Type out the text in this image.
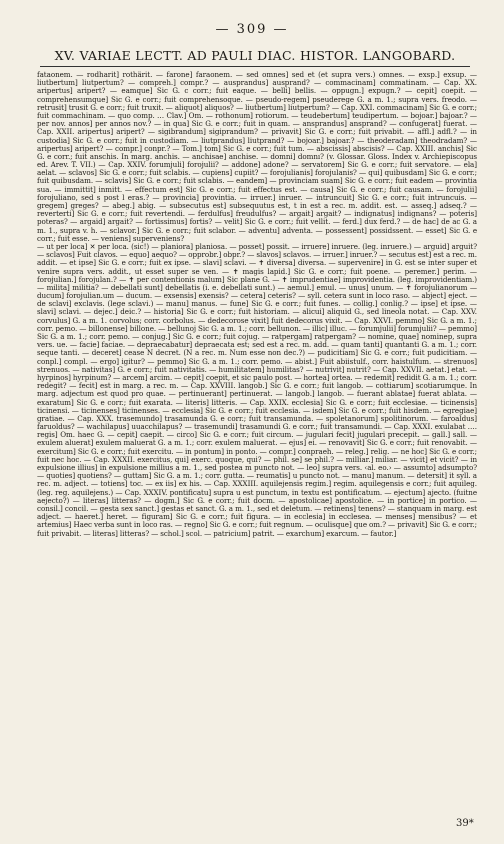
— 309 —
XV. VARIAE LECTT. AD PAULI DIAC. HISTOR. LANGOBARD.

fataonem. — rodharit] rothärit. — farone] faraonem. — sed omnes] sed et (et supra vers.) omnes. — exsp.] exsup. — liutbertum] liutpertum? — compreh.] compr.? — ausprandus] ausprand? — commacinam] commatinam. — Cap. XX. aripertus] aripert? — eamque] Sic G. c corr.; fuit eaque. — belli] bellis. — oppugn.] expugn.? — cepit] coepit. — comprehensumque] Sic G. e corr.; fuit comprehensoque. — pseudo-regem] pseuderege G. a m. 1.; supra vers. freodo. — retrusit] trusit G. e corr.; fuit truxit. — aliquot] aliquos? — liutbertum] liutpertum? — Cap. XXI. commacinam] Sic G. e corr.; fuit commachinam. — quo comp. … Clav.] Om. — rothonum] rotiorum. — teudebertum] teudipertum. — bojoar.] bajoar.? — per nov. annos] per annos nov.? — in qua] Sic G. e corr.; fuit in quam. — ansprandus] ansprand? — confugerat] fuerat. — Cap. XXII. aripertus] aripert? — sigibrandum] sigiprandum? — privavit] Sic G. e corr.; fuit privabit. — affl.] adfl.? — in custodia] Sic G. e corr.; fuit in custodiam. — liutprandus] liutprand? — bojoar.] bajoar.? — theoderadam] theodradam? — aripertus] aripert? — compr.] conpr.? — Tom.] tom] Sic G. e corr.; fuit tum. — abscissis] abscisis? — Cap. XXIII. anchis] Sic G. e corr.; fuit anschis. In marg. anchis. — anchisae] anchise. — domni] domnı? (v. Glossar. Gloss. Index v. Archiepiscopus ed. Arev. T. VII.) — Cap. XXIV. forumjuli] forojulii? — addone] adone? — servatorem] Sic G. e corr.; fuit servatore. — ela] aelat. — sclavos] Sic G. e corr.; fuit sclabis. — cupiens] cupiit? — forojulianis] forojulanis? — qui] quibusdam] Sic G. e corr.; fuit quibusdam. — sclavis] Sic G. e corr.; fuit sclabis. — eandem] — provinciam suam] Sic G. e corr.; fuit eadem — provintia sua. — immittit] inmitt. — effectum est] Sic G. e corr.; fuit effectus est. — causa] Sic G. e corr.; fuit causam. — forojulii] forojuliano, sed s post l eras.? — provincia] provintia. — irruer.] inruer. — intruncuit] Sic G. e corr.; fuit intruncuis. — gregem] greges? — abeg.] abig. — subsecutus est] subsequutus est, t in est a rec. m. addit. est. — asseq.] adseq.? — reverterti] Sic G. e corr.; fuit revertendi. — ferdulfus] freudulfus? — argait] argait? — indignatus] indignans? — poteris] poteras? — argaid] argait? — fortissimus] fortis? — velit] Sic G. e corr.; fuit vellit. — ferd.] dux ferd.? — de hac] de ac G. a m. 1., supra v. h. — sclavor.] Sic G. e corr.; fuit sclabor. — adventu] adventa. — possessent] possidssent. — esset] Sic G. e corr.; fuit esse. — veniens] superveniens?

— ut per loca] ✕ per loca. (sic!) — planiora] planiosa. — posset] possit. — irruere] inruere. (leg. inruere.) — arguid] arguit? — sclavos] Fuit clavos. — equo] aequo? — opprobr.] obpr.? — slavos] sclavos. — irruer.] inruer.? — secutus est] est a rec. m. addit. — et ipse] Sic G. e corr.; fuit ex ipse. — slavi] sclavi. — ✝ diversa] diversa. — supervenire] in G. est se inter super et venire supra vers. addit., ut esset super se ven. — ✝ magis lapid.] Sic G. e corr.; fuit poene. — peremer.] perim. — forojulian.] forojulan.? — ✝ per contentionis malum] Sic plane G. — ✝ imprudentiae] improvidentia. (leg. improvidentiam.) — milita] militia? — debellati sunt] debellatis (i. e. debellati sunt.) — aemul.] emul. — unus] unum. — ✝ forojulianorum — ducum] forojulian.um — ducum. — exsensis] exensis? — cetera] ceteris? — syll. cetera sunt in loco raso. — abject] eject. — de sclavi] exclavis. (lege sclavi.) — manu] manus. — fune] Sic G. e corr.; fuit funes. — collig.] conlig.? — ipse] et ipse. — slavi] sclavi. — dejec.] deic.? — historia] Sic G. e corr.; fuit historiam. — alicui] aliquid G., sed lineola notat. — Cap. XXV. corvulus] G. a m. 1. corvolus; corr. corbolus. — dedecorose vixit] fuit dedecorus vixit. — Cap. XXVI. pemmo] Sic G. a m. 1.; corr. pemo. — billonense] billone. — bellunoj Sic G. a m. 1.; corr. bellunon. — illic] illuc. — forumjulii] forumjulii? — pemmo] Sic G. a m. 1.; corr. pemo. — conjug.] Sic G. e corr.; fuit cojug. — ratpergam] ratpergam? — nomine, quae] nominep, supra vers. ue. — facie] faciae. — depraecabatur] depraecata est; sed est a rec. m. add. — quam tanti] quantanti G. a m. 1.; corr. seque tanti. — deceret] cease N decret. (N a rec. m. Num esse non dec.?) — pudicitiam] Sic G. e corr.; fuit pudicitiam. — conpl.] compl. — ergo] igitur? — pemmo] Sic G. a m. 1.; corr. pemo. — abist.] Fuit abiistulf., corr. haistulfum. — strenuos] strenuos. — nativitas] G. e corr.; fuit nativitatis. — humilitatem] humilitas? — nutrivit] nutrit? — Cap. XXVII. aetat.] etat. — hyrpinos] hyrpinum? — arcem] arcim. — cepit] coepit, et sic paulo post. — hortea] ortea. — redemit] redidit G. a m. 1.; corr. redegit? — fecit] est in marg. a rec. m. — Cap. XXVIII. langob.] Sic G. e corr.; fuit langob. — cottiarum] scotiarumque. In marg. adjectum est quod pro quae. — pertinuerant] pertinuerat. — langob.] langob. — fuerant ablatae] fuerat ablata. — exaratum] Sic G. e corr.; fuit exarata. — literis] litteris. — Cap. XXIX. ecclesia] Sic G. e corr.; fuit ecclesiae. — ticinensis] ticinensi. — ticinenses] ticinenses. — ecclesia] Sic G. e corr.; fuit ecclesia. — isdem] Sic G. e corr.; fuit hisdem. — egregiae] gratiae. — Cap. XXX. trasemundo] trasamunda G. e corr.; fuit transamunda. — spoletanorum] spolitinorum. — faroaldus] faruoldus? — wachilapus] uuacchilapus? — trasemundi] trasamundi G. e corr.; fuit transamundi. — Cap. XXXI. exulabat …. regis] Om. haec G. — cepit] caepit. — circo] Sic G. e corr.; fuit circum. — jugulari fecit] jugulari precepit. — gall.] sall. — exulem aluerat] exulem maluerat G. a m. 1.; corr. exulem maluerat. — ejus] ei. — renovavit] Sic G. e corr.; fuit renovabit. — exercitum] Sic G. e corr.; fuit exercitu. — in pontum] in ponto. — compr.] conpraeh. — releg.] relig. — ne hoc] Sic G. e corr.; fuit nec hoc. — Cap. XXXII. exercitus, qui] exerc. quoque, qui? — phil. se] se phil.? — milliar.] miliar. — vicit] et vicit? — in expulsione illius] in expulsione millius a m. 1., sed postea m puncto not. — leo] supra vers. ‹al. eo.› — assumto] adsumpto? — quoties] quotiens? — guttam] Sic G. a m. 1.; corr. gutta. — reumatis] u puncto not. — manu] manum. — detersit] it syll. a rec. m. adject. — totiens] toc. — ex iis] ex his. — Cap. XXXIII. aquilejensis regim.] regim. aquilegensis e corr.; fuit aquileg. (leg. reg. aquilejens.) — Cap. XXXIV. pontificatu] supra u est punctum, in textu est pontificatum. — ejectum] ajecto. (fuitne aejecto?) — literas] litteras? — dogm.] Sic G. e corr.; fuit docm. — apostolicae] apostolice. — in portice] in portico. — consil.] concil. — gesta sex sanct.] gestas et sanct. G. a m. 1., sed et deletum. — retinens] tenens? — stanquam in marg. est adject. — haeret.] heret. — figuram] Sic G. e corr.; fuit figura. — in ecclesia] in ecclesea. — menses] mensibus? — et artemius] Haec verba sunt in loco ras. — regno] Sic G. e corr.; fuit regnum. — oculisque] que om.? — privavit] Sic G. e corr.; fuit privabit. — literas] litteras? — schol.] scol. — patricium] patrit. — exarchum] exarcum. — fautor.]

39*
